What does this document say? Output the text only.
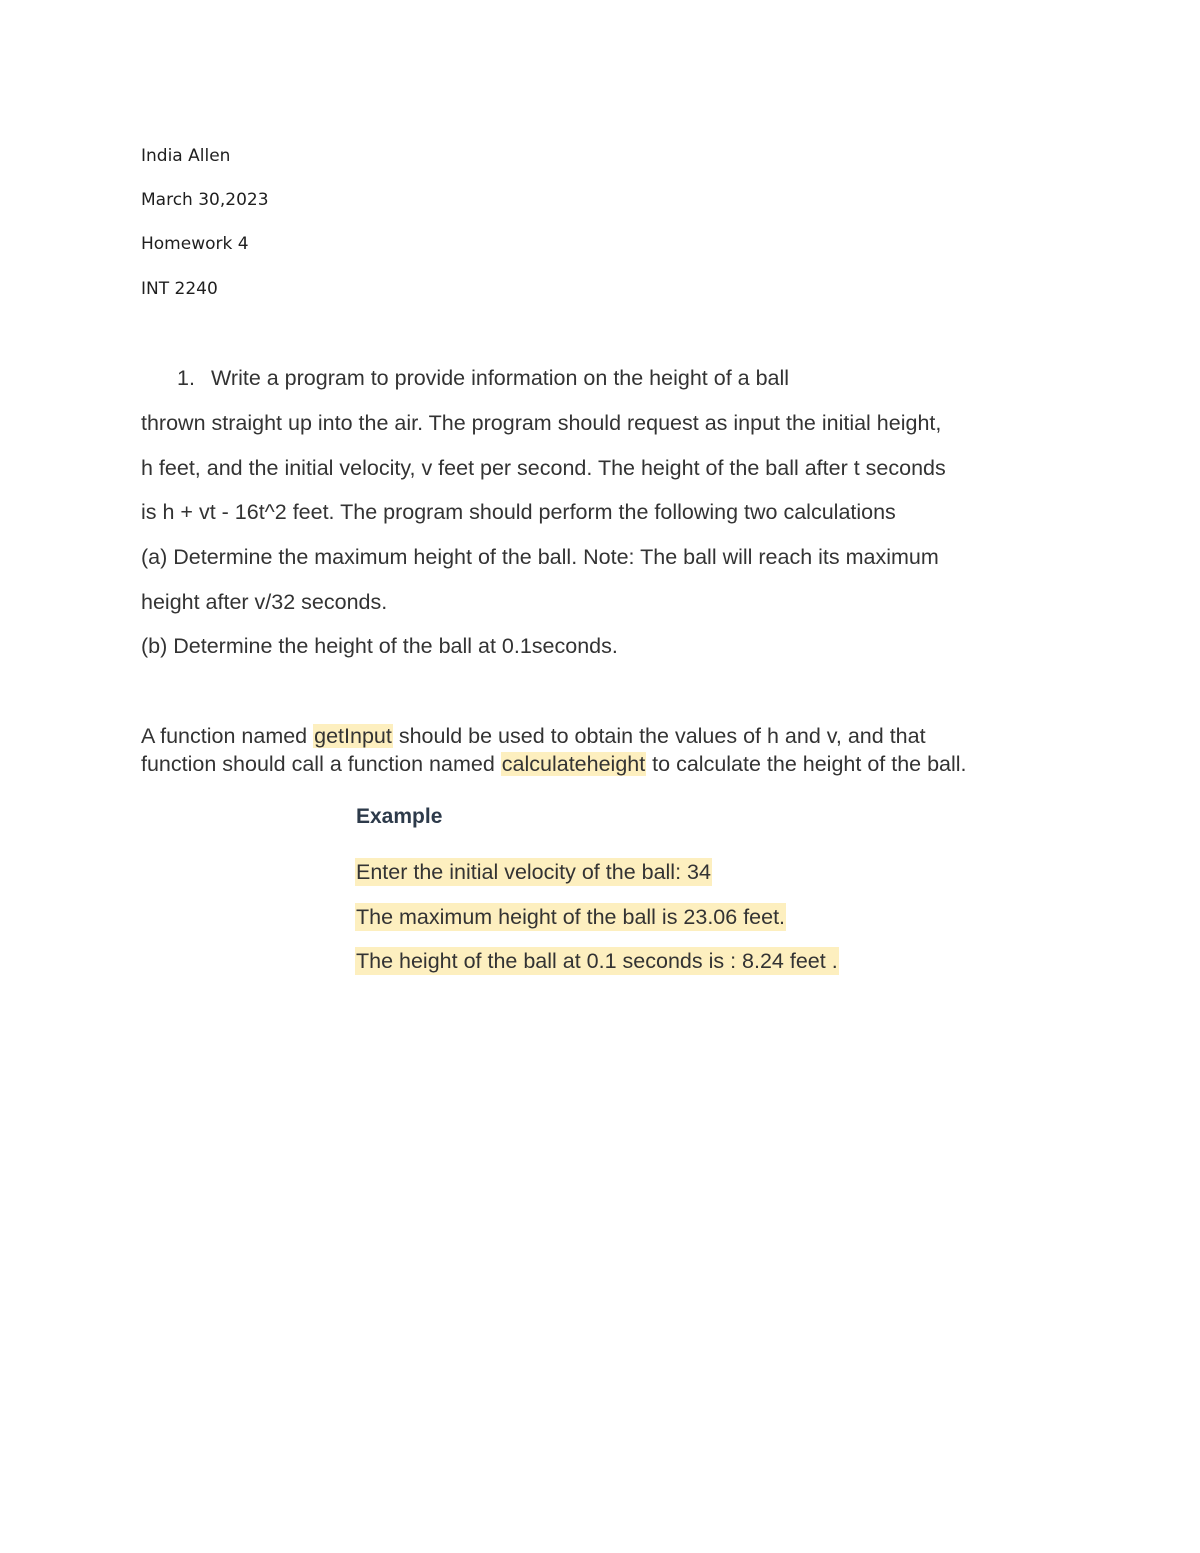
India Allen
March 30,2023
Homework 4
INT 2240
1. Write a program to provide information on the height of a ball
thrown straight up into the air. The program should request as input the initial height,
h feet, and the initial velocity, v feet per second. The height of the ball after t seconds
is h + vt - 16t^2 feet. The program should perform the following two calculations
(a) Determine the maximum height of the ball. Note: The ball will reach its maximum
height after v/32 seconds.
(b) Determine the height of the ball at 0.1seconds.
A function named getInput should be used to obtain the values of h and v, and that
function should call a function named calculateheight to calculate the height of the ball.
Example
Enter the initial velocity of the ball: 34
The maximum height of the ball is 23.06 feet.
The height of the ball at 0.1 seconds is : 8.24 feet .
